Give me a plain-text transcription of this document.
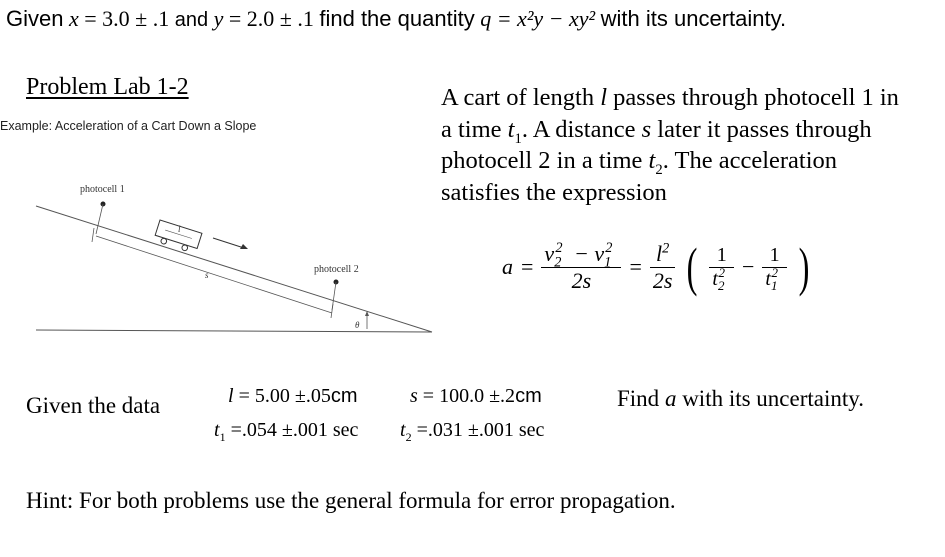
Given x = 3.0 ± .1 and y = 2.0 ± .1 find the quantity q = x²y − xy² with its uncertainty.
Problem Lab 1-2
Example: Acceleration of a Cart Down a Slope
photocell 1
photocell 2
l
s
θ
A cart of length l passes through photocell 1 in
a time $t_1$. A distance s later it passes through
photocell 2 in a time $t_2$. The acceleration
satisfies the expression
$a = \frac{v_2^2 - v_1^2}{2s} = \frac{l^2}{2s}$ ( $\frac{1}{t_2^2} - \frac{1}{t_1^2}$ )
Given the data	l = 5.00 ±.05cm	s = 100.0 ±.2cm
$t_1 =.054 \pm.001$ $\sec t_2 =.031 \pm.001$ sec
Find a with its uncertainty.
Hint: For both problems use the general formula for error propagation.
